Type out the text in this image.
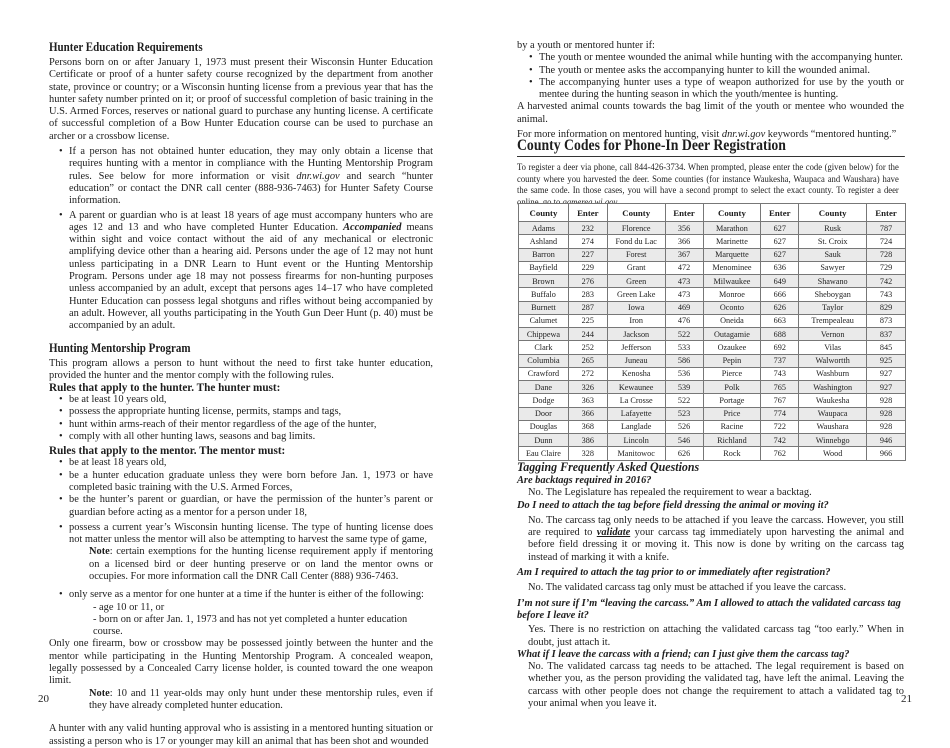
Hunter Education Requirements

Persons born on or after January 1, 1973 must present their Wisconsin Hunter Education Certificate or proof of a hunter safety course recognized by the department from another state, province or country; or a Wisconsin hunting license from a previous year that has the hunter safety number printed on it; or proof of successful completion of basic training in the U.S. Armed Forces, reserves or national guard to purchase any hunting license. A certificate of successful completion of a Bow Hunter Education course can be used to purchase an archer or a crossbow license.

• If a person has not obtained hunter education, they may only obtain a license that requires hunting with a mentor in compliance with the Hunting Mentorship Program rules. See below for more information or visit dnr.wi.gov and search “hunter education” or contact the DNR call center (888-936-7463) for Hunter Safety Course information.
• A parent or guardian who is at least 18 years of age must accompany hunters who are ages 12 and 13 and who have completed Hunter Education. Accompanied means within sight and voice contact without the aid of any mechanical or electronic amplifying device other than a hearing aid. Persons under the age of 12 may not hunt unless participating in a DNR Learn to Hunt event or the Hunting Mentorship Program. Persons under age 18 may not possess firearms for non-hunting purposes unless accompanied by an adult, except that persons ages 14–17 who have completed Hunter Education can possess legal shotguns and rifles without being accompanied by an adult. However, all youths participating in the Youth Gun Deer Hunt (p. 40) must be accompanied by an adult.
Hunting Mentorship Program

This program allows a person to hunt without the need to first take hunter education, provided the hunter and the mentor comply with the following rules.

Rules that apply to the hunter. The hunter must:
• be at least 10 years old,
• possess the appropriate hunting license, permits, stamps and tags,
• hunt within arms-reach of their mentor regardless of the age of the hunter,
• comply with all other hunting laws, seasons and bag limits.
Rules that apply to the mentor. The mentor must:
• be at least 18 years old,
• be a hunter education graduate unless they were born before Jan. 1, 1973 or have completed basic training with the U.S. Armed Forces,
• be the hunter’s parent or guardian, or have the permission of the hunter’s parent or guardian before acting as a mentor for a person under 18,
• possess a current year’s Wisconsin hunting license. The type of hunting license does not matter unless the mentor will also be attempting to harvest the same type of game,

Note: certain exemptions for the hunting license requirement apply if mentoring on a licensed bird or deer hunting preserve or on land the mentor owns or occupies. For more information call the DNR Call Center (888) 936-7463.

• only serve as a mentor for one hunter at a time if the hunter is either of the following:
- age 10 or 11, or
- born on or after Jan. 1, 1973 and has not yet completed a hunter education course.

Only one firearm, bow or crossbow may be possessed jointly between the hunter and the mentor while participating in the Hunting Mentorship Program. A concealed weapon, legally possessed by a Concealed Carry license holder, is counted toward the one weapon limit.

Note: 10 and 11 year-olds may only hunt under these mentorship rules, even if they have already completed hunter education.

A hunter with any valid hunting approval who is assisting in a mentored hunting situation or assisting a person who is 17 or younger may kill an animal that has been shot and wounded

20

by a youth or mentored hunter if:

• The youth or mentee wounded the animal while hunting with the accompanying hunter.
• The youth or mentee asks the accompanying hunter to kill the wounded animal.
• The accompanying hunter uses a type of weapon authorized for use by the youth or mentee during the hunting season in which the youth/mentee is hunting.

A harvested animal counts towards the bag limit of the youth or mentee who wounded the animal.

For more information on mentored hunting, visit dnr.wi.gov keywords “mentored hunting.”

County Codes for Phone-In Deer Registration
To register a deer via phone, call 844-426-3734. When prompted, please enter the code (given below) for the county where you harvested the deer. Some counties (for instance Waukesha, Waupaca and Waushara) have the same code. In those cases, you will have a second prompt to select the exact county. To register a deer
County	Enter	County	Enter	County	Enter	County	Enter
Adams	232	Florence	356	Marathon	627	Rusk	787
Ashland	274	Fond du Lac	366	Marinette	627	St. Croix	724
Barron	227	Forest	367	Marquette	627	Sauk	728
Bayfield	229	Grant	472	Menominee	636	Sawyer	729
Brown	276	Green	473	Milwaukee	649	Shawano	742
Buffalo	283	Green Lake	473	Monroe	666	Sheboygan	743
Burnett	287	Iowa	469	Oconto	626	Taylor	829
Calumet	225	Iron	476	Oneida	663	Trempealeau	873
Chippewa	244	Jackson	522	Outagamie	688	Vernon	837
Clark	252	Jefferson	533	Ozaukee	692	Vilas	845
Columbia	265	Juneau	586	Pepin	737	Walwortth	925
Crawford	272	Kenosha	536	Pierce	743	Washburn	927
Dane	326	Kewaunee	539	Polk	765	Washington	927
Dodge	363	La Crosse	522	Portage	767	Waukesha	928
Door	366	Lafayette	523	Price	774	Waupaca	928
Douglas	368	Langlade	526	Racine	722	Waushara	928
Dunn	386	Lincoln	546	Richland	742	Winnebgo	946
Eau Claire	328	Manitowoc	626	Rock	762	Wood	966
Tagging Frequently Asked Questions
Are backtags required in 2016?
No. The Legislature has repealed the requirement to wear a backtag.
Do I need to attach the tag before field dressing the animal or moving it?
No. The carcass tag only needs to be attached if you leave the carcass. However, you still are required to validate your carcass tag immediately upon harvesting the animal and before field dressing it or moving it. This now is done by writing on the carcass tag instead of marking it with a knife.
Am I required to attach the tag prior to or immediately after registration?
No. The validated carcass tag only must be attached if you leave the carcass.
I’m not sure if I’m “leaving the carcass.” Am I allowed to attach the validated carcass tag before I leave it?
Yes. There is no restriction on attaching the validated carcass tag “too early.” When in doubt, just attach it.
What if I leave the carcass with a friend; can I just give them the carcass tag?
No. The validated carcass tag needs to be attached. The legal requirement is based on whether you, as the person providing the validated tag, have left the animal. Leaving the carcass with other people does not change the requirement to attach a validated tag to your animal when you leave it.	21
